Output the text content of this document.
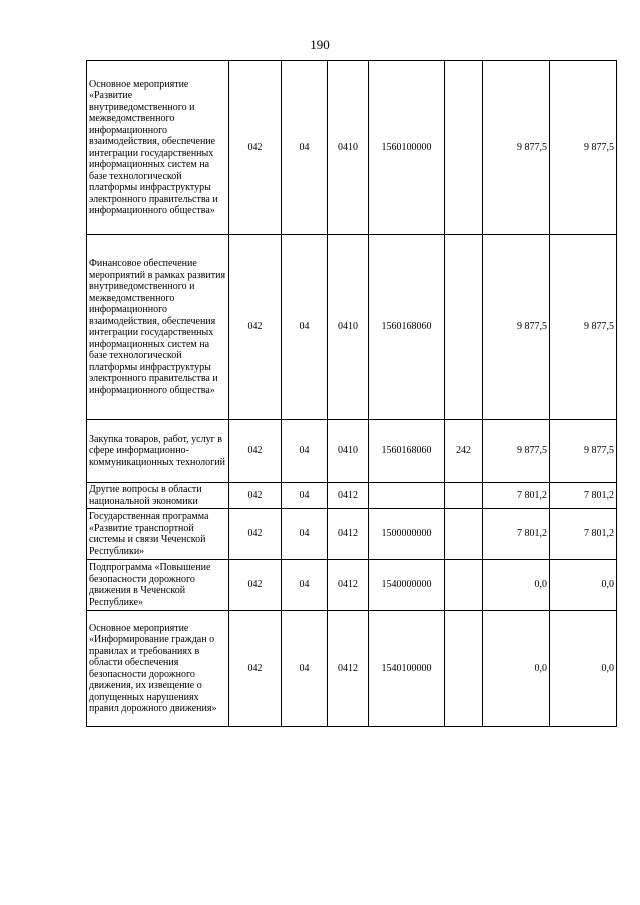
190
Основное мероприятие «Развитие внутриведомственного и межведомственного информационного взаимодействия, обеспечение интеграции государственных информационных систем на базе технологической платформы инфраструктуры электронного правительства и информационного общества»	042	04	0410	1560100000		9 877,5	9 877,5
Финансовое обеспечение мероприятий в рамках развития внутриведомственного и межведомственного информационного взаимодействия, обеспечения интеграции государственных информационных систем на базе технологической платформы инфраструктуры электронного правительства и информационного общества»	042	04	0410	1560168060		9 877,5	9 877,5
Закупка товаров, работ, услуг в сфере информационно-коммуникационных технологий	042	04	0410	1560168060	242	9 877,5	9 877,5
Другие вопросы в области национальной экономики	042	04	0412			7 801,2	7 801,2
Государственная программа «Развитие транспортной системы и связи Чеченской Республики»	042	04	0412	1500000000		7 801,2	7 801,2
Подпрограмма «Повышение безопасности дорожного движения в Чеченской Республике»	042	04	0412	1540000000		0,0	0,0
Основное мероприятие «Информирование граждан о правилах и требованиях в области обеспечения безопасности дорожного движения, их извещение о допущенных нарушениях правил дорожного движения»	042	04	0412	1540100000		0,0	0,0
